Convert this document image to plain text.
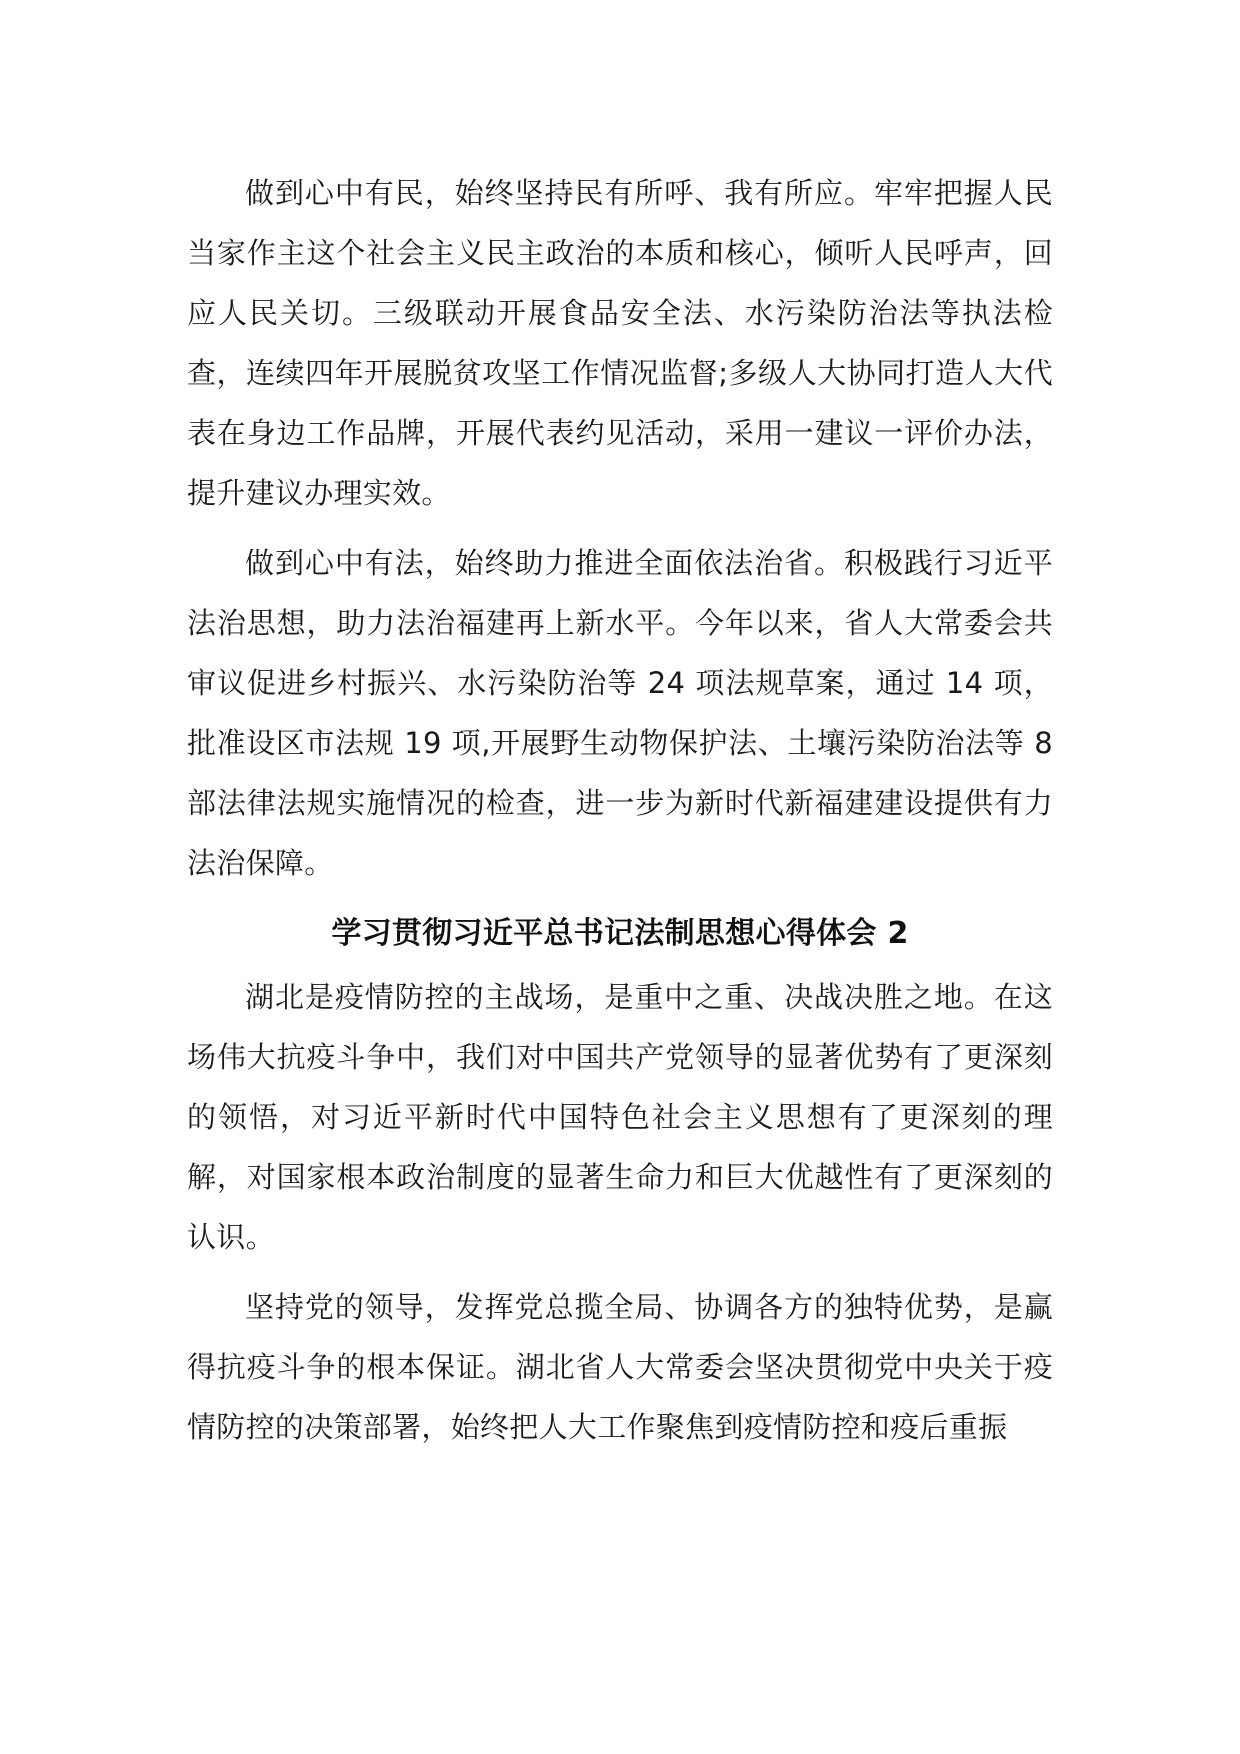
做到心中有民，始终坚持民有所呼、我有所应。牢牢把握人民当家作主这个社会主义民主政治的本质和核心，倾听人民呼声，回应人民关切。三级联动开展食品安全法、水污染防治法等执法检查，连续四年开展脱贫攻坚工作情况监督;多级人大协同打造人大代表在身边工作品牌，开展代表约见活动，采用一建议一评价办法，提升建议办理实效。

做到心中有法，始终助力推进全面依法治省。积极践行习近平法治思想，助力法治福建再上新水平。今年以来，省人大常委会共审议促进乡村振兴、水污染防治等 24 项法规草案，通过 14 项，批准设区市法规 19 项,开展野生动物保护法、土壤污染防治法等 8 部法律法规实施情况的检查，进一步为新时代新福建建设提供有力法治保障。

学习贯彻习近平总书记法制思想心得体会 2

湖北是疫情防控的主战场，是重中之重、决战决胜之地。在这场伟大抗疫斗争中，我们对中国共产党领导的显著优势有了更深刻的领悟，对习近平新时代中国特色社会主义思想有了更深刻的理解，对国家根本政治制度的显著生命力和巨大优越性有了更深刻的认识。

坚持党的领导，发挥党总揽全局、协调各方的独特优势，是赢得抗疫斗争的根本保证。湖北省人大常委会坚决贯彻党中央关于疫情防控的决策部署，始终把人大工作聚焦到疫情防控和疫后重振
